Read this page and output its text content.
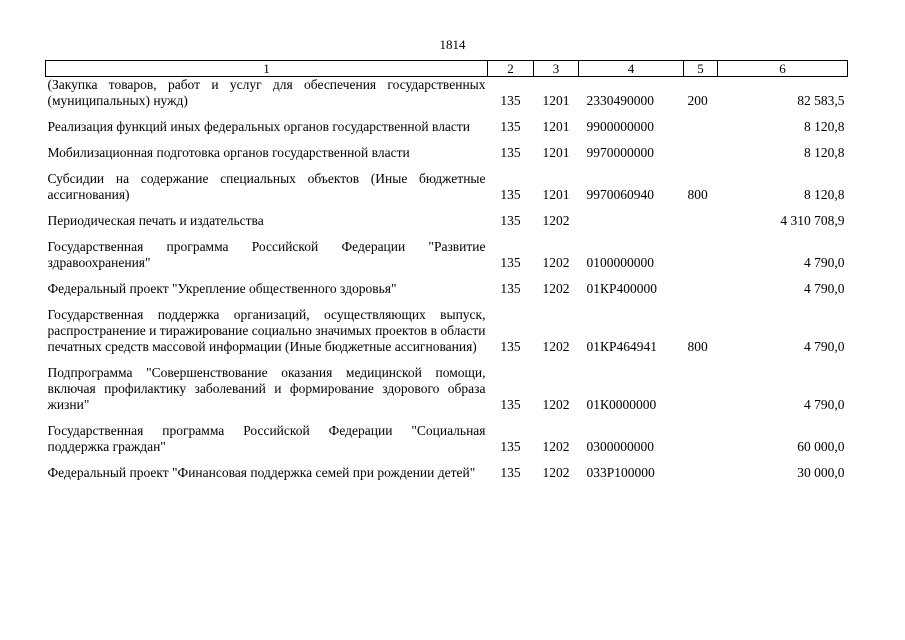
1814
1	2	3	4	5	6
(Закупка товаров, работ и услуг для обеспечения государственных (муниципальных) нужд)	135	1201	2330490000	200	82 583,5
Реализация функций иных федеральных органов государственной власти	135	1201	9900000000		8 120,8
Мобилизационная подготовка органов государственной власти	135	1201	9970000000		8 120,8
Субсидии на содержание специальных объектов (Иные бюджетные ассигнования)	135	1201	9970060940	800	8 120,8
Периодическая печать и издательства	135	1202			4 310 708,9
Государственная программа Российской Федерации "Развитие здравоохранения"	135	1202	0100000000		4 790,0
Федеральный проект "Укрепление общественного здоровья"	135	1202	01КР400000		4 790,0
Государственная поддержка организаций, осуществляющих выпуск, распространение и тиражирование социально значимых проектов в области печатных средств массовой информации (Иные бюджетные ассигнования)	135	1202	01КР464941	800	4 790,0
Подпрограмма "Совершенствование оказания медицинской помощи, включая профилактику заболеваний и формирование здорового образа жизни"	135	1202	01К0000000		4 790,0
Государственная программа Российской Федерации "Социальная поддержка граждан"	135	1202	0300000000		60 000,0
Федеральный проект "Финансовая поддержка семей при рождении детей"	135	1202	033Р100000		30 000,0
